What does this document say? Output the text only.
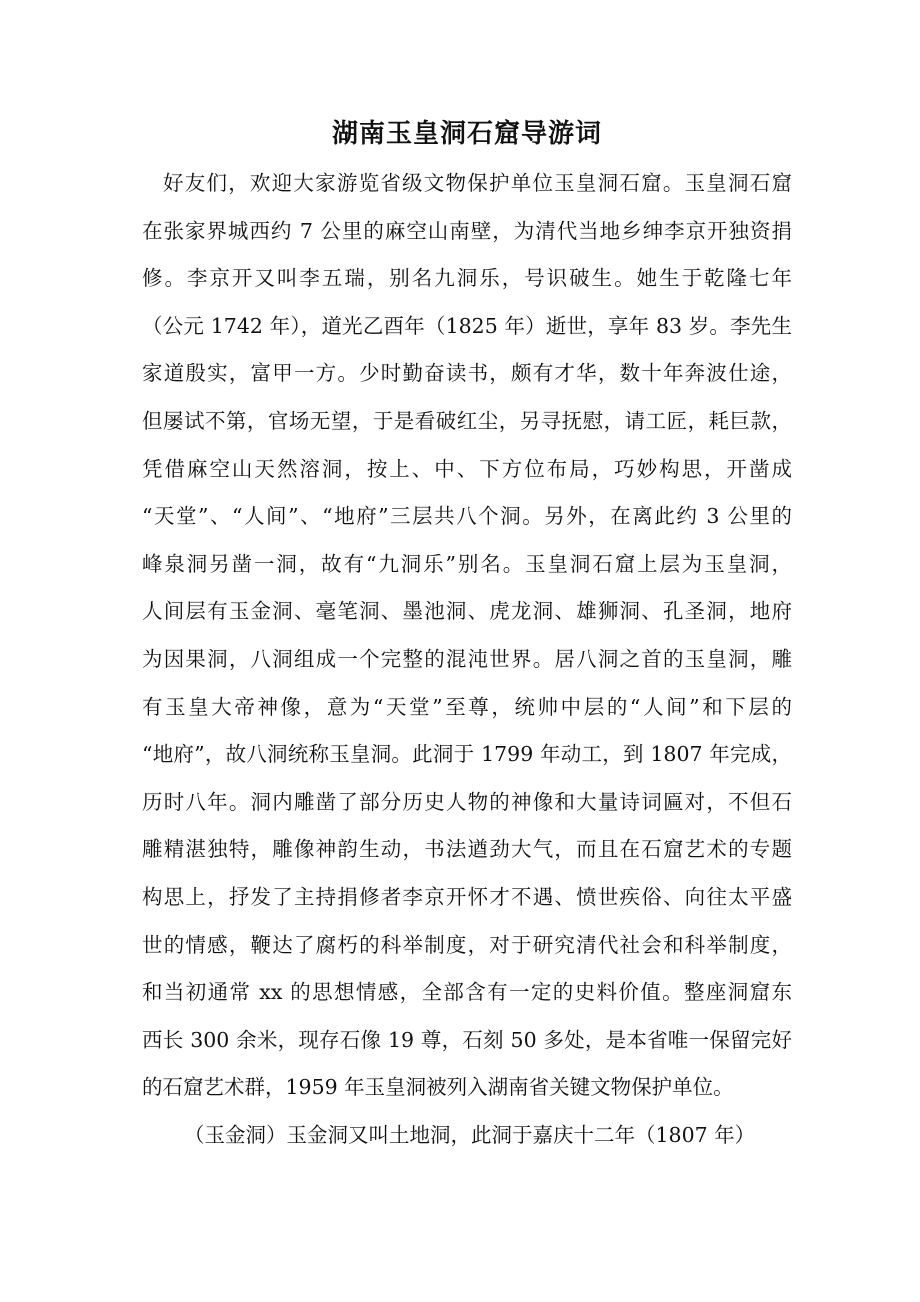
湖南玉皇洞石窟导游词
好友们，欢迎大家游览省级文物保护单位玉皇洞石窟。玉皇洞石窟
在张家界城西约 7 公里的麻空山南壁，为清代当地乡绅李京开独资捐
修。李京开又叫李五瑞，别名九洞乐，号识破生。她生于乾隆七年
（公元 1742 年），道光乙酉年（1825 年）逝世，享年 83 岁。李先生
家道殷实，富甲一方。少时勤奋读书，颇有才华，数十年奔波仕途，
但屡试不第，官场无望，于是看破红尘，另寻抚慰，请工匠，耗巨款，
凭借麻空山天然溶洞，按上、中、下方位布局，巧妙构思，开凿成
“天堂”、“人间”、“地府”三层共八个洞。另外，在离此约 3 公里的
峰泉洞另凿一洞，故有“九洞乐”别名。玉皇洞石窟上层为玉皇洞，
人间层有玉金洞、毫笔洞、墨池洞、虎龙洞、雄狮洞、孔圣洞，地府
为因果洞，八洞组成一个完整的混沌世界。居八洞之首的玉皇洞，雕
有玉皇大帝神像，意为“天堂”至尊，统帅中层的“人间”和下层的
“地府”，故八洞统称玉皇洞。此洞于 1799 年动工，到 1807 年完成，
历时八年。洞内雕凿了部分历史人物的神像和大量诗词匾对，不但石
雕精湛独特，雕像神韵生动，书法遒劲大气，而且在石窟艺术的专题
构思上，抒发了主持捐修者李京开怀才不遇、愤世疾俗、向往太平盛
世的情感，鞭达了腐朽的科举制度，对于研究清代社会和科举制度，
和当初通常 xx 的思想情感，全部含有一定的史料价值。整座洞窟东
西长 300 余米，现存石像 19 尊，石刻 50 多处，是本省唯一保留完好
的石窟艺术群，1959 年玉皇洞被列入湖南省关键文物保护单位。
（玉金洞）玉金洞又叫土地洞，此洞于嘉庆十二年（1807 年）
